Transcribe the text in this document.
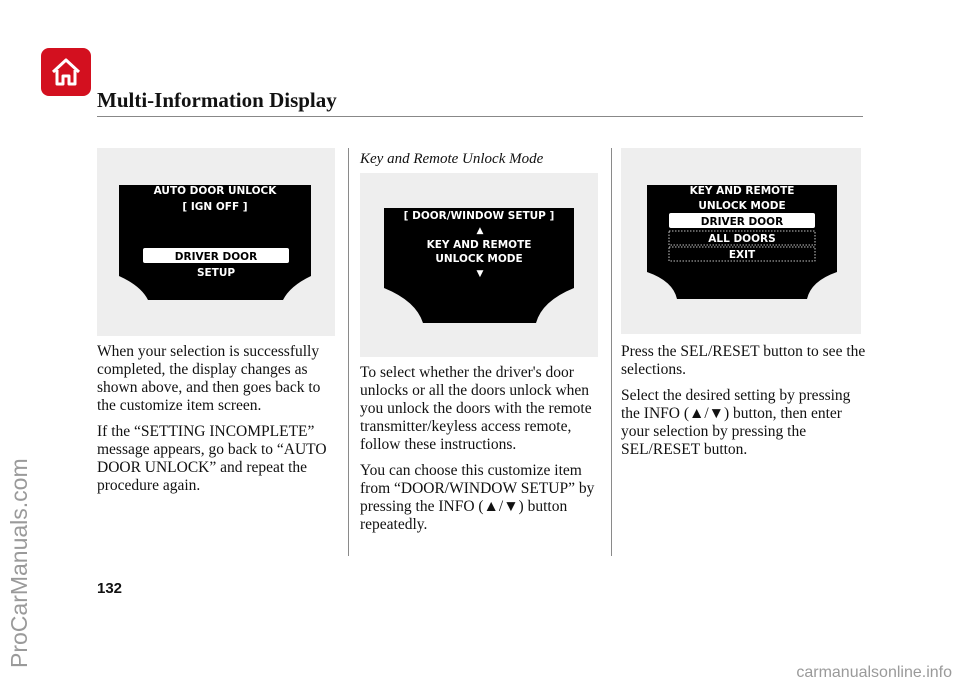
Multi-Information Display
AUTO DOOR UNLOCK
[ IGN OFF ]
DRIVER DOOR
SETUP

When your selection is successfully completed, the display changes as shown above, and then goes back to the customize item screen.

If the “SETTING INCOMPLETE” message appears, go back to “AUTO DOOR UNLOCK” and repeat the procedure again.

Key and Remote Unlock Mode
[ DOOR/WINDOW SETUP ]
▲
KEY AND REMOTE
UNLOCK MODE
▼

To select whether the driver's door unlocks or all the doors unlock when you unlock the doors with the remote transmitter/keyless access remote, follow these instructions.

You can choose this customize item from “DOOR/WINDOW SETUP” by pressing the INFO (▲/▼) button repeatedly.

KEY AND REMOTE
UNLOCK MODE
DRIVER DOOR
ALL DOORS
EXIT

Press the SEL/RESET button to see the selections.

Select the desired setting by pressing the INFO (▲/▼) button, then enter your selection by pressing the SEL/RESET button.

132
ProCarManuals.com
carmanualsonline.info
